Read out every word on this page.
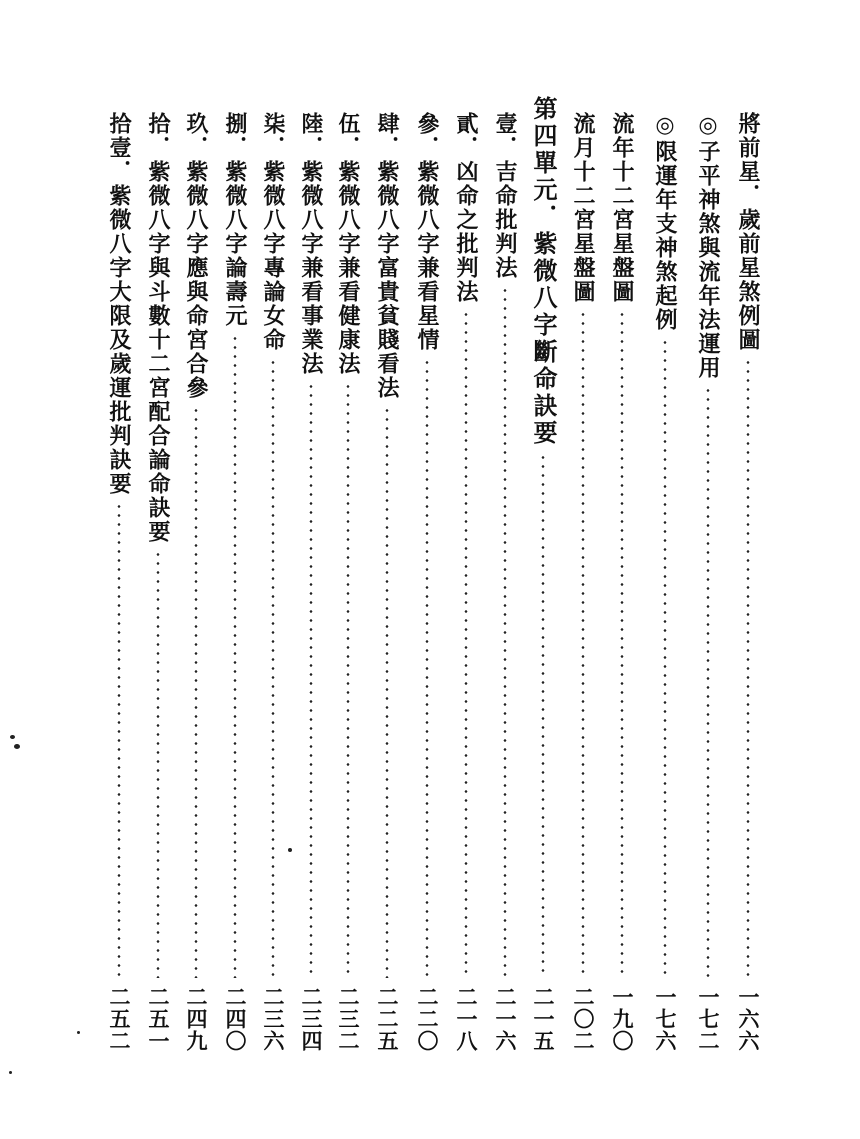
將前星．歲前星煞例圖
一六六
◎子平神煞與流年法運用
一七二
◎限運年支神煞起例
一七六
流年十二宮星盤圖
一九〇
流月十二宮星盤圖
二〇二
第四單元．紫微八字斷命訣要
二一五
壹．吉命批判法
二一六
貳．凶命之批判法
二一八
參．紫微八字兼看星情
二二〇
肆．紫微八字富貴貧賤看法
二二五
伍．紫微八字兼看健康法
二三二
陸．紫微八字兼看事業法
二三四
柒．紫微八字專論女命
二三六
捌．紫微八字論壽元
二四〇
玖．紫微八字應與命宮合參
二四九
拾．紫微八字與斗數十二宮配合論命訣要
二五一
拾壹．紫微八字大限及歲運批判訣要
二五二
